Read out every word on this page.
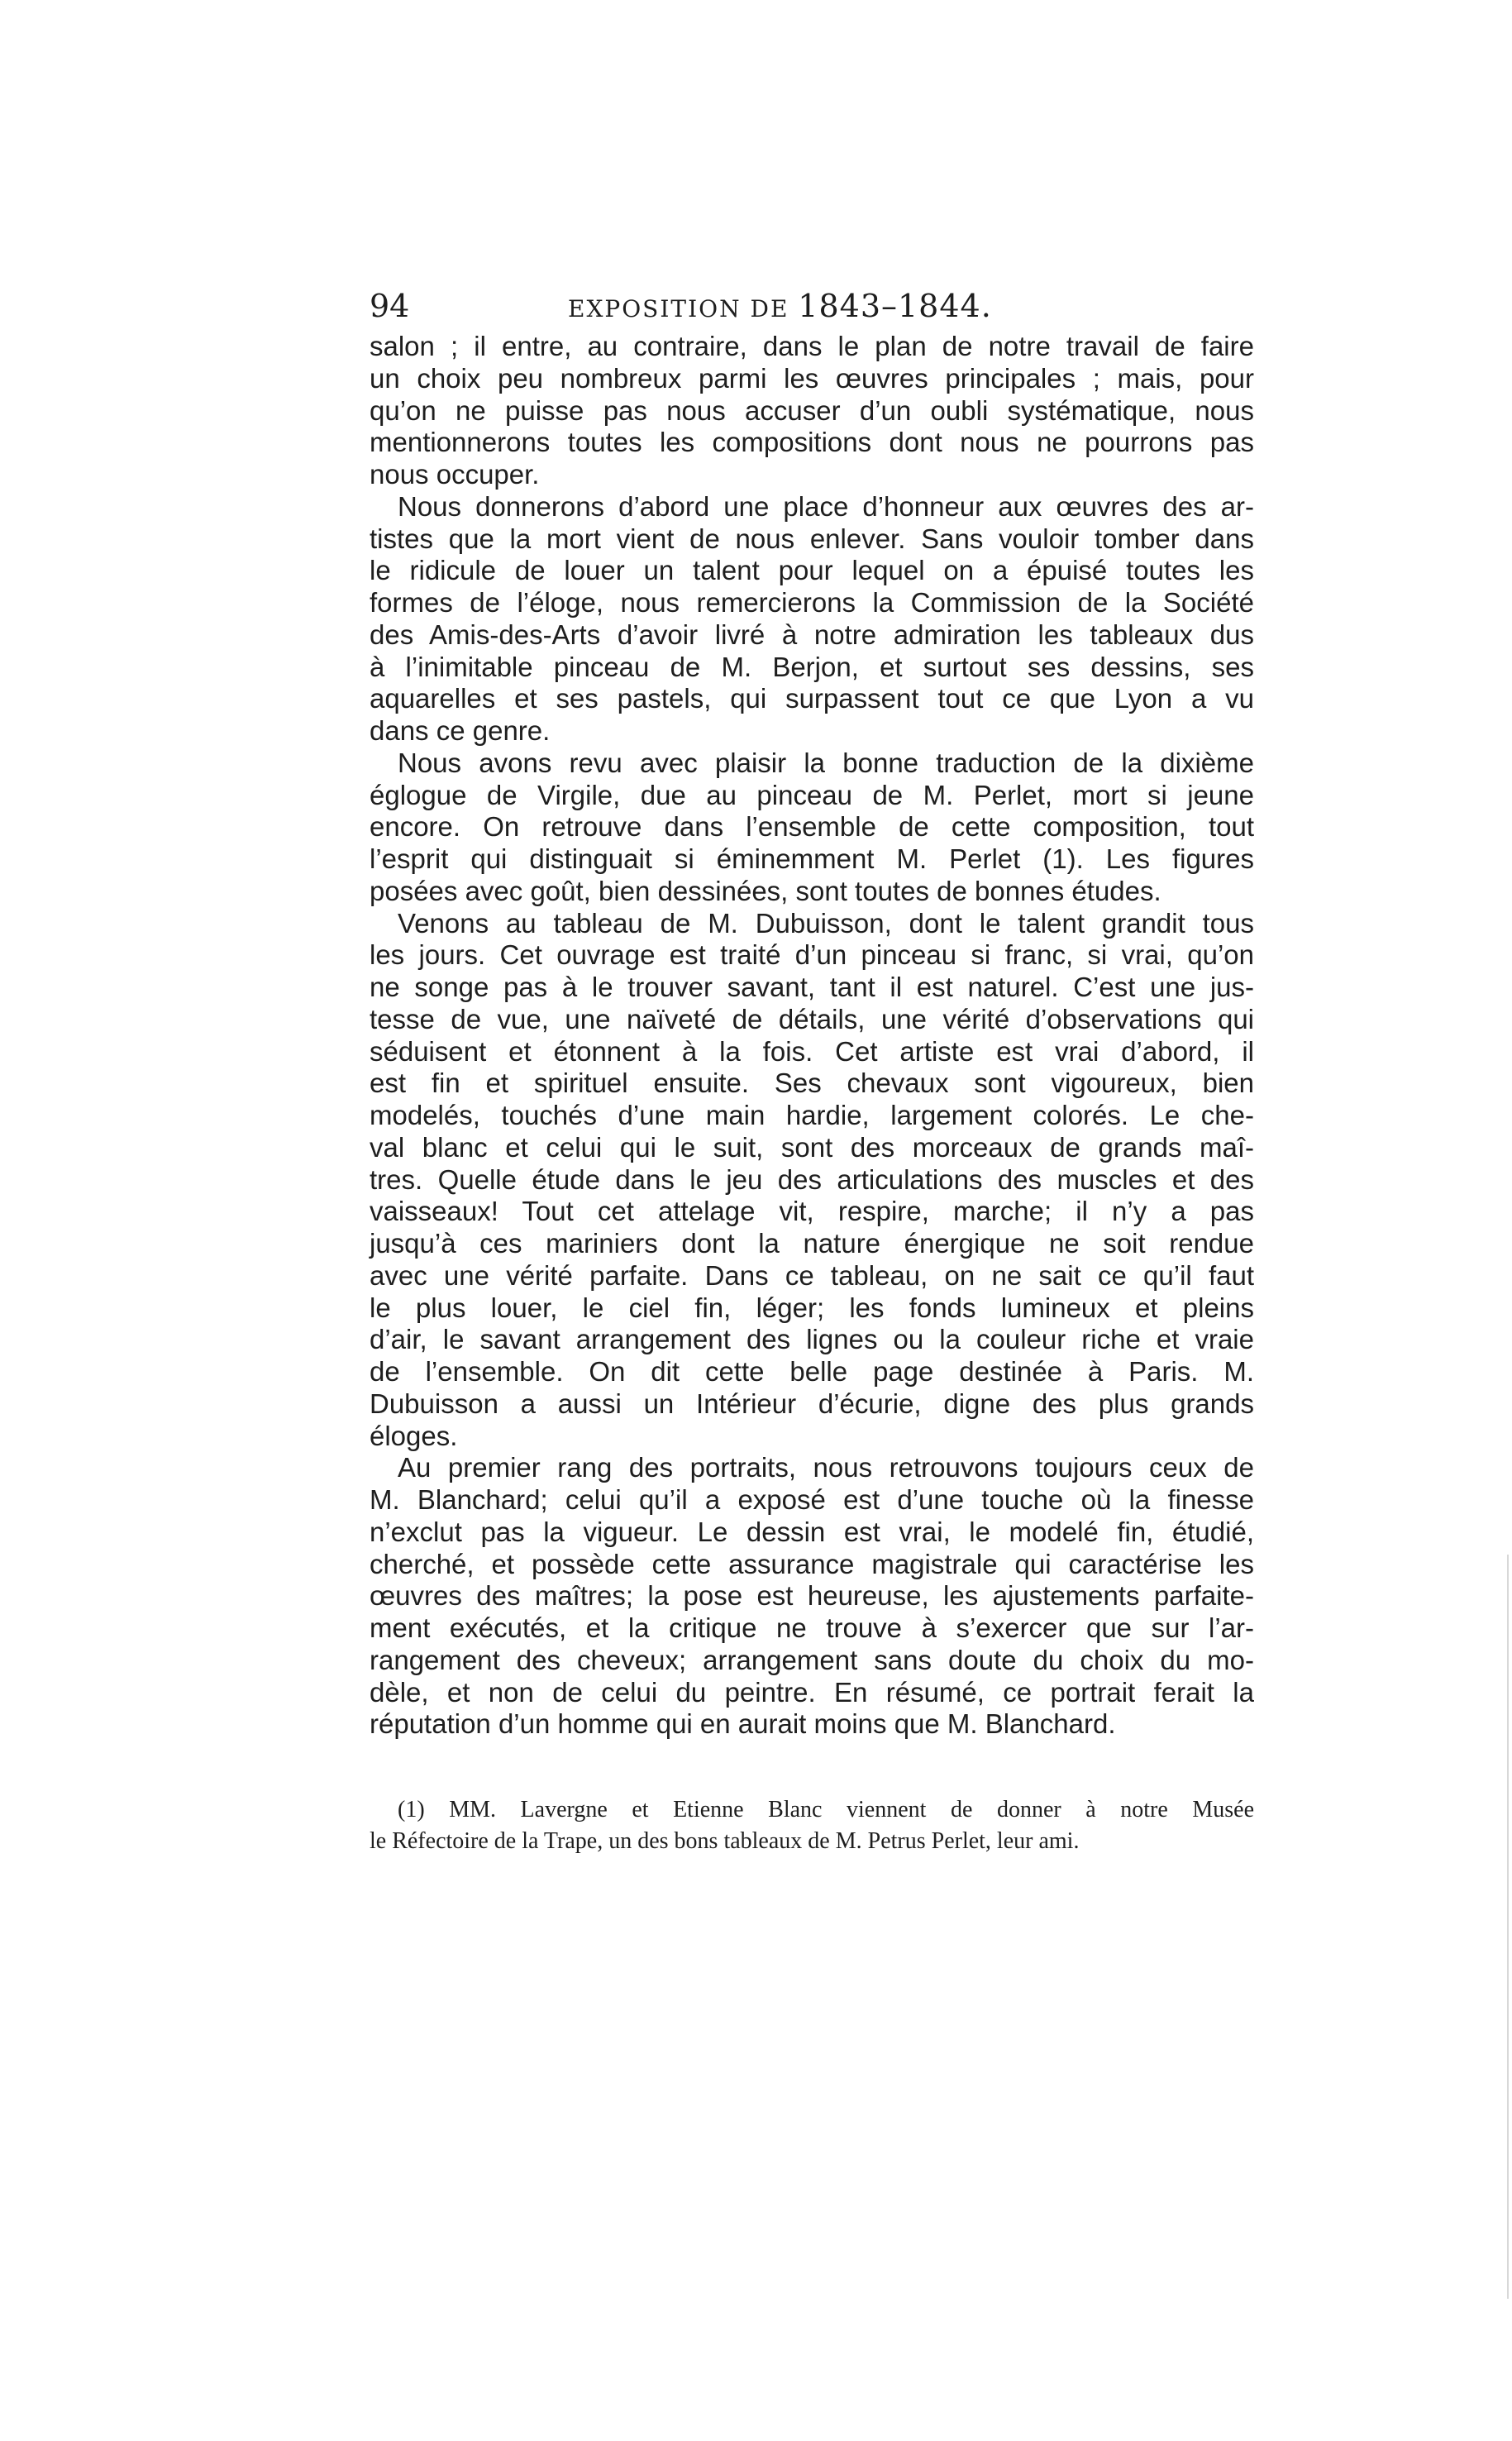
94	EXPOSITION DE 1843–1844.
salon ; il entre, au contraire, dans le plan de notre travail de faire
un choix peu nombreux parmi les œuvres principales ; mais, pour
qu’on ne puisse pas nous accuser d’un oubli systématique, nous
mentionnerons toutes les compositions dont nous ne pourrons pas
nous occuper.
Nous donnerons d’abord une place d’honneur aux œuvres des ar-
tistes que la mort vient de nous enlever. Sans vouloir tomber dans
le ridicule de louer un talent pour lequel on a épuisé toutes les
formes de l’éloge, nous remercierons la Commission de la Société
des Amis-des-Arts d’avoir livré à notre admiration les tableaux dus
à l’inimitable pinceau de M. Berjon, et surtout ses dessins, ses
aquarelles et ses pastels, qui surpassent tout ce que Lyon a vu
dans ce genre.
Nous avons revu avec plaisir la bonne traduction de la dixième
églogue de Virgile, due au pinceau de M. Perlet, mort si jeune
encore. On retrouve dans l’ensemble de cette composition, tout
l’esprit qui distinguait si éminemment M. Perlet (1). Les figures
posées avec goût, bien dessinées, sont toutes de bonnes études.
Venons au tableau de M. Dubuisson, dont le talent grandit tous
les jours. Cet ouvrage est traité d’un pinceau si franc, si vrai, qu’on
ne songe pas à le trouver savant, tant il est naturel. C’est une jus-
tesse de vue, une naïveté de détails, une vérité d’observations qui
séduisent et étonnent à la fois. Cet artiste est vrai d’abord, il
est fin et spirituel ensuite. Ses chevaux sont vigoureux, bien
modelés, touchés d’une main hardie, largement colorés. Le che-
val blanc et celui qui le suit, sont des morceaux de grands maî-
tres. Quelle étude dans le jeu des articulations des muscles et des
vaisseaux! Tout cet attelage vit, respire, marche; il n’y a pas
jusqu’à ces mariniers dont la nature énergique ne soit rendue
avec une vérité parfaite. Dans ce tableau, on ne sait ce qu’il faut
le plus louer, le ciel fin, léger; les fonds lumineux et pleins
d’air, le savant arrangement des lignes ou la couleur riche et vraie
de l’ensemble. On dit cette belle page destinée à Paris. M.
Dubuisson a aussi un Intérieur d’écurie, digne des plus grands
éloges.
Au premier rang des portraits, nous retrouvons toujours ceux de
M. Blanchard; celui qu’il a exposé est d’une touche où la finesse
n’exclut pas la vigueur. Le dessin est vrai, le modelé fin, étudié,
cherché, et possède cette assurance magistrale qui caractérise les
œuvres des maîtres; la pose est heureuse, les ajustements parfaite-
ment exécutés, et la critique ne trouve à s’exercer que sur l’ar-
rangement des cheveux; arrangement sans doute du choix du mo-
dèle, et non de celui du peintre. En résumé, ce portrait ferait la
réputation d’un homme qui en aurait moins que M. Blanchard.
(1) MM. Lavergne et Etienne Blanc viennent de donner à notre Musée
le Réfectoire de la Trape, un des bons tableaux de M. Petrus Perlet, leur ami.
